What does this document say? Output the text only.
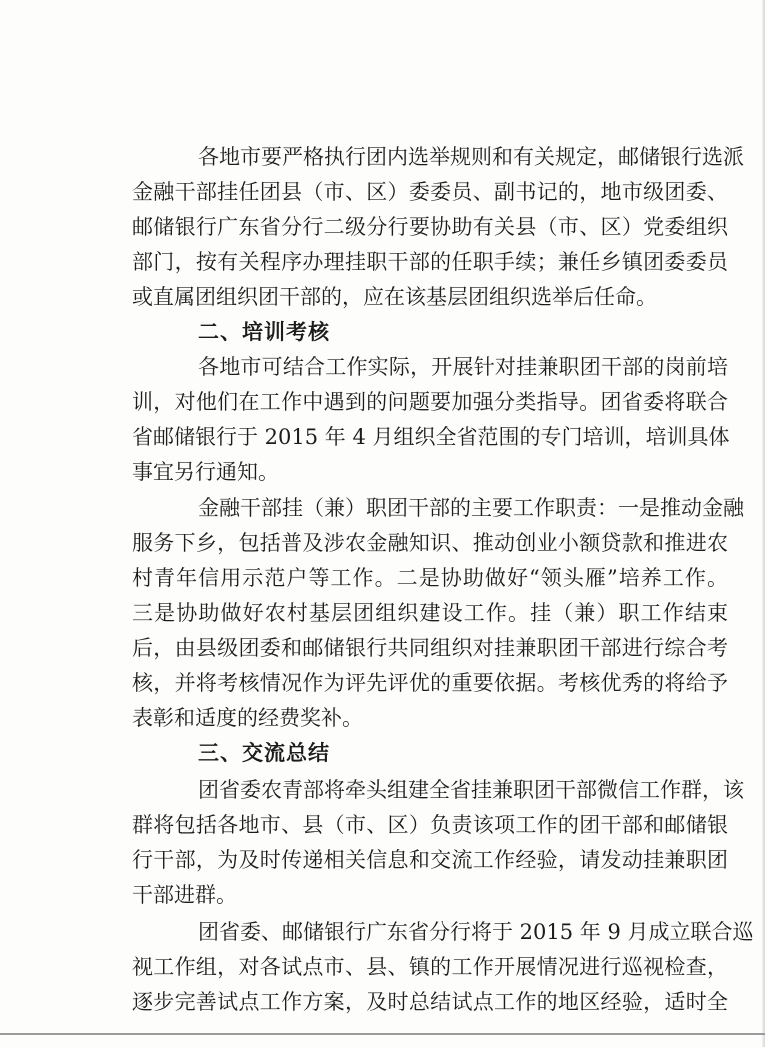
各地市要严格执行团内选举规则和有关规定，邮储银行选派
金融干部挂任团县（市、区）委委员、副书记的，地市级团委、
邮储银行广东省分行二级分行要协助有关县（市、区）党委组织
部门，按有关程序办理挂职干部的任职手续；兼任乡镇团委委员
或直属团组织团干部的，应在该基层团组织选举后任命。
二、培训考核
各地市可结合工作实际，开展针对挂兼职团干部的岗前培
训，对他们在工作中遇到的问题要加强分类指导。团省委将联合
省邮储银行于 2015 年 4 月组织全省范围的专门培训，培训具体
事宜另行通知。
金融干部挂（兼）职团干部的主要工作职责：一是推动金融
服务下乡，包括普及涉农金融知识、推动创业小额贷款和推进农
村青年信用示范户等工作。二是协助做好“领头雁”培养工作。
三是协助做好农村基层团组织建设工作。挂（兼）职工作结束
后，由县级团委和邮储银行共同组织对挂兼职团干部进行综合考
核，并将考核情况作为评先评优的重要依据。考核优秀的将给予
表彰和适度的经费奖补。
三、交流总结
团省委农青部将牵头组建全省挂兼职团干部微信工作群，该
群将包括各地市、县（市、区）负责该项工作的团干部和邮储银
行干部，为及时传递相关信息和交流工作经验，请发动挂兼职团
干部进群。
团省委、邮储银行广东省分行将于 2015 年 9 月成立联合巡
视工作组，对各试点市、县、镇的工作开展情况进行巡视检查，
逐步完善试点工作方案，及时总结试点工作的地区经验，适时全
